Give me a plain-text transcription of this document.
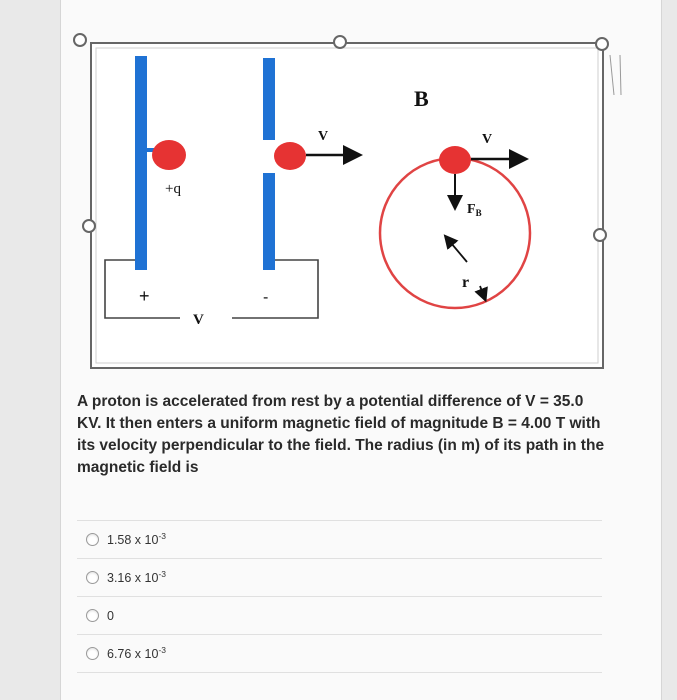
+q
V
+	-
V
B
V
$F_B$
r

A proton is accelerated from rest by a potential difference of V = 35.0 KV. It then enters a uniform magnetic field of magnitude B = 4.00 T with its velocity perpendicular to the field. The radius (in m) of its path in the magnetic field is

1.58 x $10^{-3}$
3.16 x $10^{-3}$
0
6.76 x $10^{-3}$
